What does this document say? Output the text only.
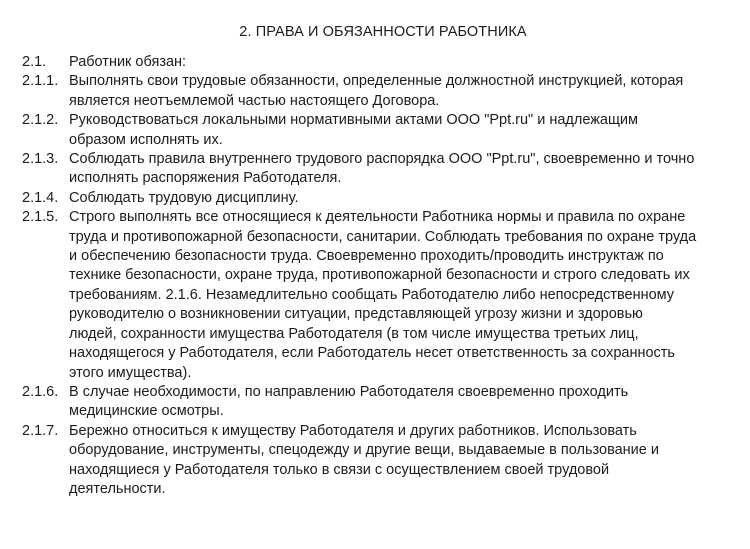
2. ПРАВА И ОБЯЗАННОСТИ РАБОТНИКА
2.1.	Работник обязан:
2.1.1. Выполнять свои трудовые обязанности, определенные должностной инструкцией, которая
является неотъемлемой частью настоящего Договора.
2.1.2. Руководствоваться локальными нормативными актами ООО "Ppt.ru" и надлежащим
образом исполнять их.
2.1.3. Соблюдать правила внутреннего трудового распорядка ООО "Ppt.ru", своевременно и точно
исполнять распоряжения Работодателя.
2.1.4. Соблюдать трудовую дисциплину.
2.1.5. Строго выполнять все относящиеся к деятельности Работника нормы и правила по охране
труда и противопожарной безопасности, санитарии. Соблюдать требования по охране труда
и обеспечению безопасности труда. Своевременно проходить/проводить инструктаж по
технике безопасности, охране труда, противопожарной безопасности и строго следовать их
требованиям. 2.1.6. Незамедлительно сообщать Работодателю либо непосредственному
руководителю о возникновении ситуации, представляющей угрозу жизни и здоровью
людей, сохранности имущества Работодателя (в том числе имущества третьих лиц,
находящегося у Работодателя, если Работодатель несет ответственность за сохранность
этого имущества).
2.1.6. В случае необходимости, по направлению Работодателя своевременно проходить
медицинские осмотры.
2.1.7. Бережно относиться к имуществу Работодателя и других работников. Использовать
оборудование, инструменты, спецодежду и другие вещи, выдаваемые в пользование и
находящиеся у Работодателя только в связи с осуществлением своей трудовой
деятельности.
